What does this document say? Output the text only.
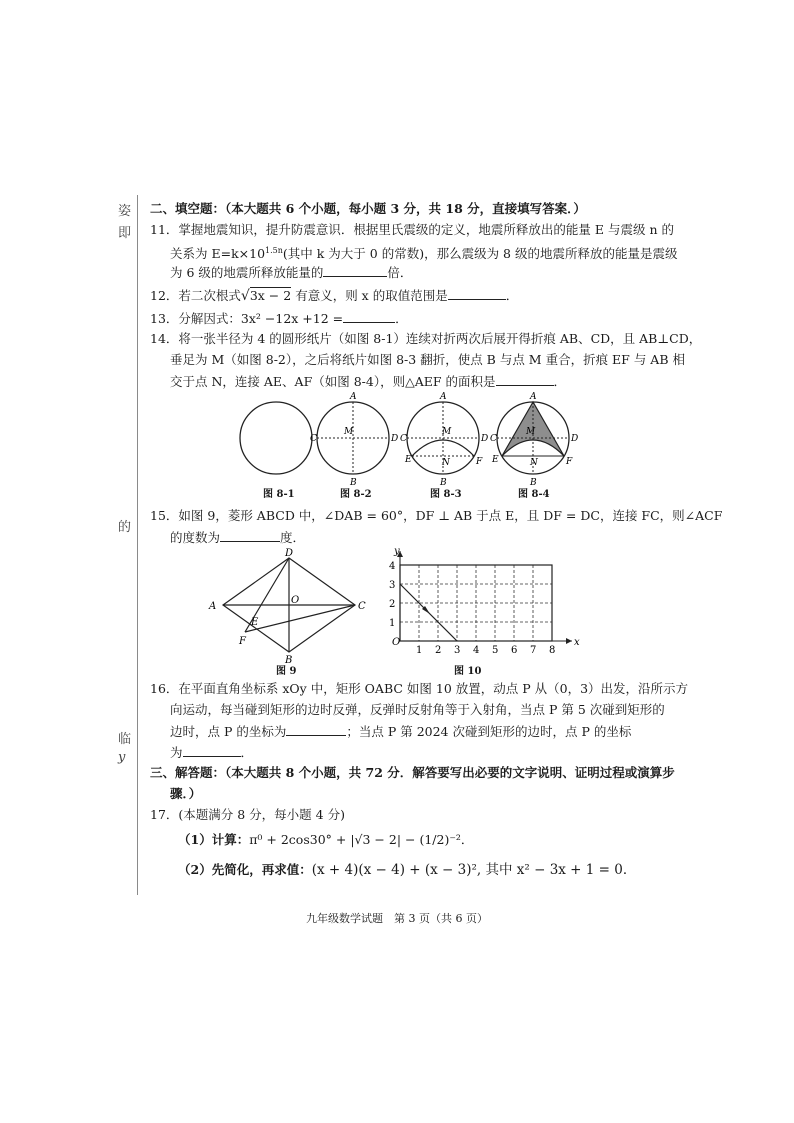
姿
即
的
临
y
二、填空题：（本大题共 6 个小题，每小题 3 分，共 18 分，直接填写答案．）
11．掌握地震知识，提升防震意识．根据里氏震级的定义，地震所释放出的能量 E 与震级 n 的
关系为 $E=k\times 10^{1.5n}$(其中 k 为大于 0 的常数)，那么震级为 8 级的地震所释放的能量是震级
为 6 级的地震所释放能量的	倍．
12．若二次根式√3x − 2 有意义，则 x 的取值范围是	．
13．分解因式：3x² −12x +12 =	．
14．将一张半径为 4 的圆形纸片（如图 8-1）连续对折两次后展开得折痕 AB、CD，且 AB⊥CD，
垂足为 M（如图 8-2），之后将纸片如图 8-3 翻折，使点 B 与点 M 重合，折痕 EF 与 AB 相
交于点 N，连接 AE、AF（如图 8-4），则△AEF 的面积是	．
A
B
C	D
M
A
B
C	D
M
E	F
N
A
B
C	D
M
E	F
N
图 8-1	图 8-2	图 8-3	图 8-4
15．如图 9，菱形 ABCD 中，∠DAB = 60°，DF ⊥ AB 于点 E，且 DF = DC，连接 FC，则∠ACF
的度数为	度．
A
D
C
B
O
E
F
图 9
O
1 2 3 4 5 6 7 8
1
2
3
4
x
y
图 10
16．在平面直角坐标系 xOy 中，矩形 OABC 如图 10 放置，动点 P 从（0，3）出发，沿所示方
向运动，每当碰到矩形的边时反弹，反弹时反射角等于入射角，当点 P 第 5 次碰到矩形的
边时，点 P 的坐标为	；当点 P 第 2024 次碰到矩形的边时，点 P 的坐标
为	．
三、解答题：（本大题共 8 个小题，共 72 分．解答要写出必要的文字说明、证明过程或演算步
骤．）
17．(本题满分 8 分，每小题 4 分)
（1）计算：π⁰ + 2cos30° + |√3 − 2| − (1/2)⁻²．
（2）先简化，再求值：(x + 4)(x − 4) + (x − 3)², 其中 x² − 3x + 1 = 0．
九年级数学试题　第 3 页（共 6 页）
